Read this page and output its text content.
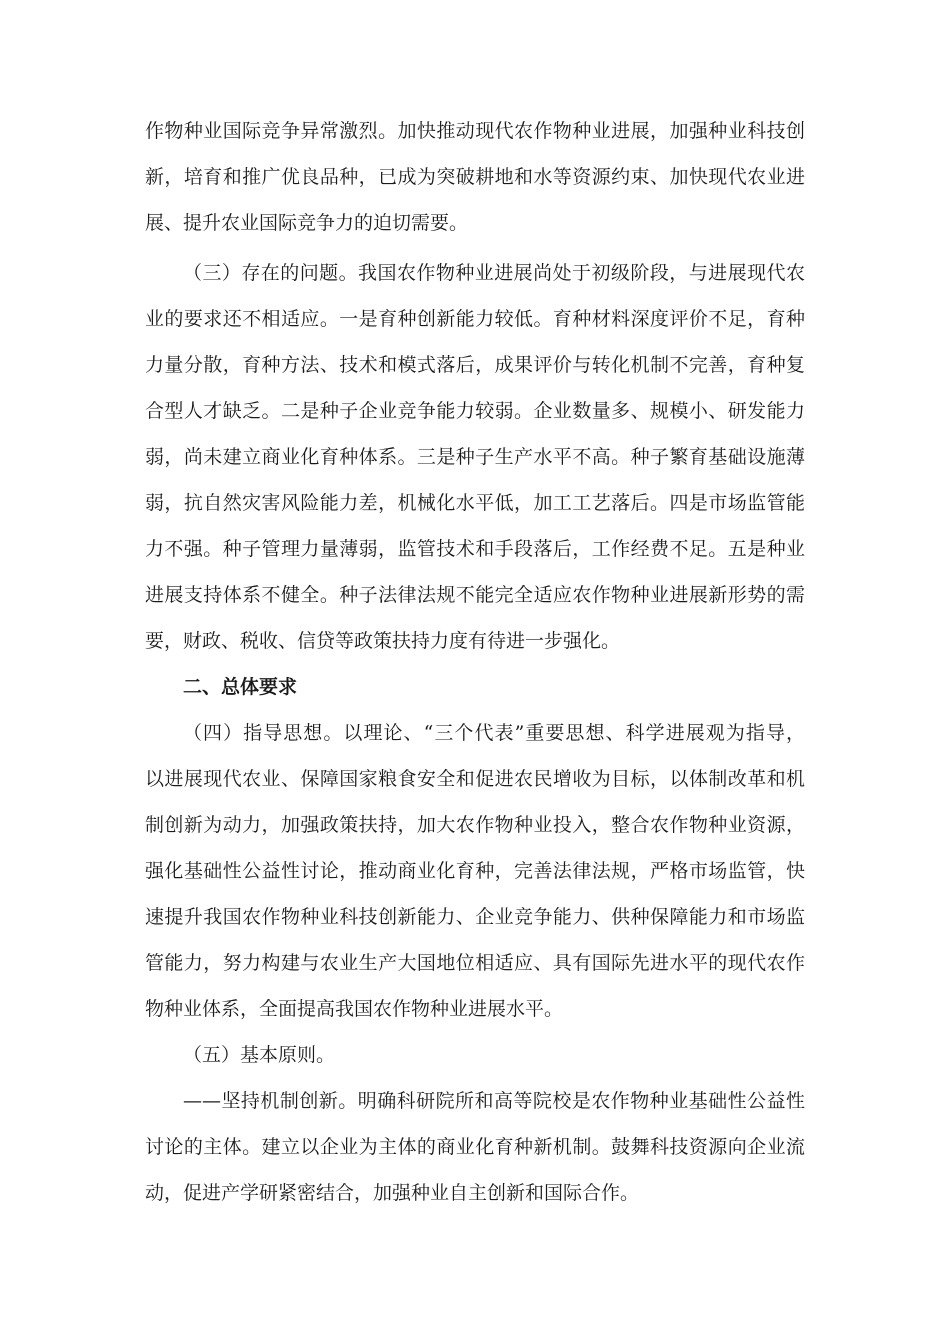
作物种业国际竞争异常激烈。加快推动现代农作物种业进展，加强种业科技创
新，培育和推广优良品种，已成为突破耕地和水等资源约束、加快现代农业进
展、提升农业国际竞争力的迫切需要。
（三）存在的问题。我国农作物种业进展尚处于初级阶段，与进展现代农
业的要求还不相适应。一是育种创新能力较低。育种材料深度评价不足，育种
力量分散，育种方法、技术和模式落后，成果评价与转化机制不完善，育种复
合型人才缺乏。二是种子企业竞争能力较弱。企业数量多、规模小、研发能力
弱，尚未建立商业化育种体系。三是种子生产水平不高。种子繁育基础设施薄
弱，抗自然灾害风险能力差，机械化水平低，加工工艺落后。四是市场监管能
力不强。种子管理力量薄弱，监管技术和手段落后，工作经费不足。五是种业
进展支持体系不健全。种子法律法规不能完全适应农作物种业进展新形势的需
要，财政、税收、信贷等政策扶持力度有待进一步强化。
二、总体要求
（四）指导思想。以理论、“三个代表”重要思想、科学进展观为指导，
以进展现代农业、保障国家粮食安全和促进农民增收为目标，以体制改革和机
制创新为动力，加强政策扶持，加大农作物种业投入，整合农作物种业资源，
强化基础性公益性讨论，推动商业化育种，完善法律法规，严格市场监管，快
速提升我国农作物种业科技创新能力、企业竞争能力、供种保障能力和市场监
管能力，努力构建与农业生产大国地位相适应、具有国际先进水平的现代农作
物种业体系，全面提高我国农作物种业进展水平。
（五）基本原则。
——坚持机制创新。明确科研院所和高等院校是农作物种业基础性公益性
讨论的主体。建立以企业为主体的商业化育种新机制。鼓舞科技资源向企业流
动，促进产学研紧密结合，加强种业自主创新和国际合作。
